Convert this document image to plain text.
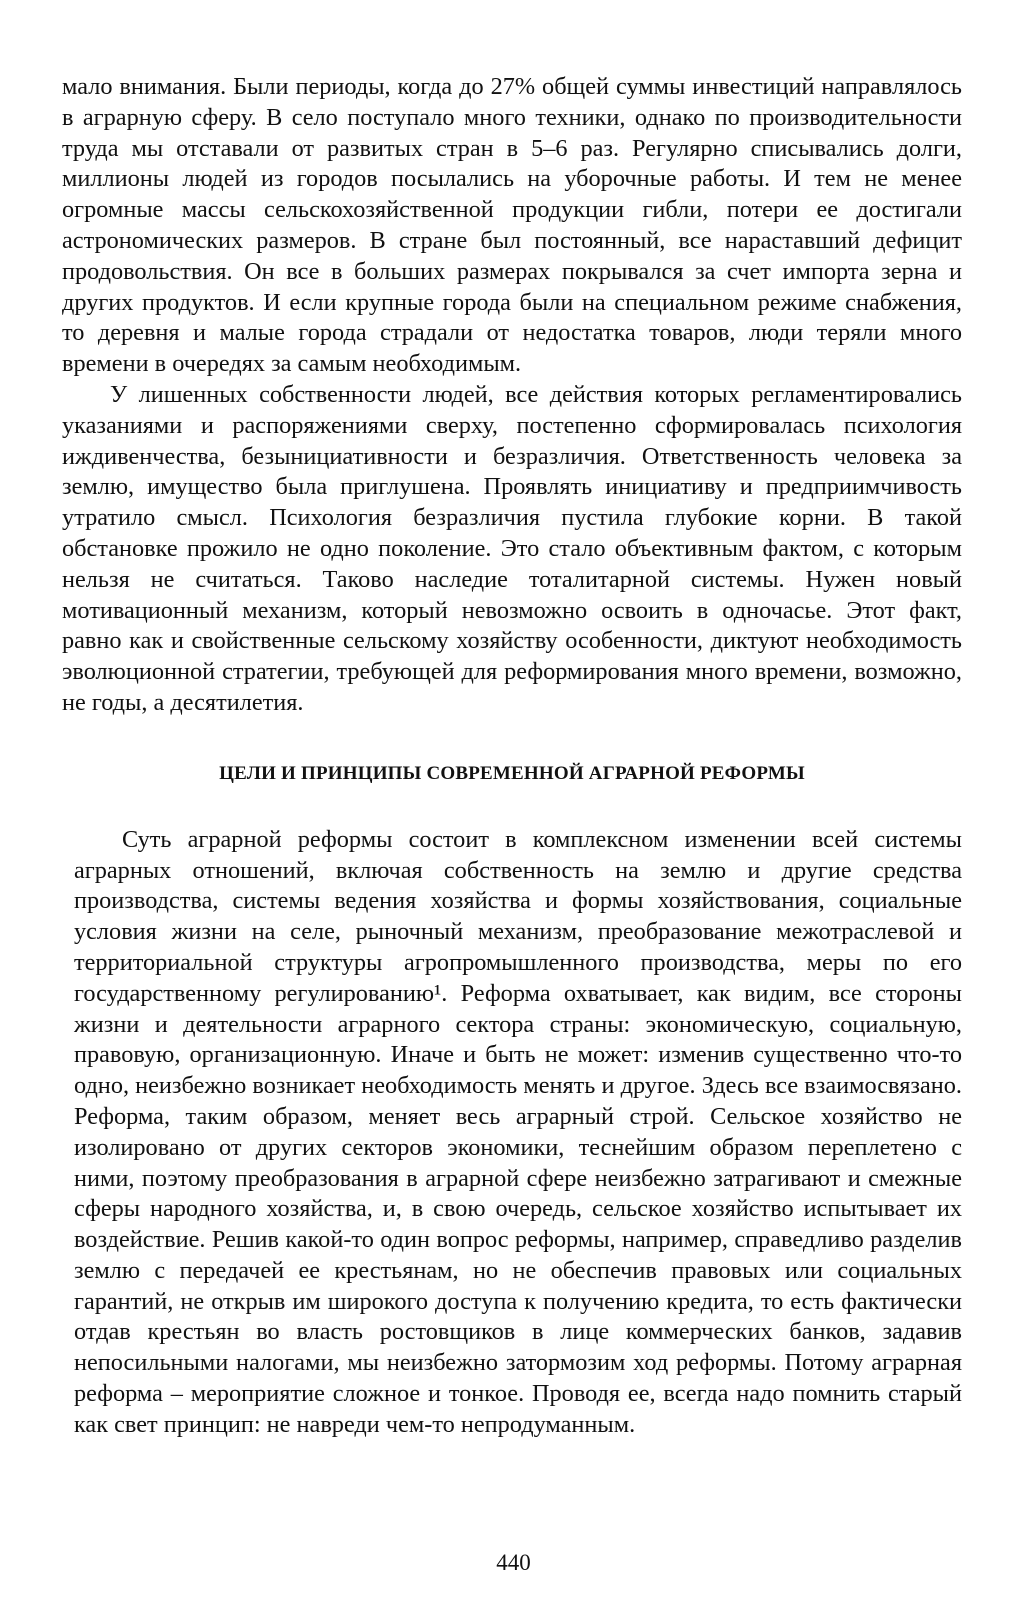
мало внимания. Были периоды, когда до 27% общей суммы инвестиций направлялось в аграрную сферу. В село поступало много техники, однако по производительности труда мы отставали от развитых стран в 5–6 раз. Регулярно списывались долги, миллионы людей из городов посылались на уборочные работы. И тем не менее огромные массы сельскохозяйственной продукции гибли, потери ее достигали астрономических размеров. В стране был постоянный, все нараставший дефицит продовольствия. Он все в больших размерах покрывался за счет импорта зерна и других продуктов. И если крупные города были на специальном режиме снабжения, то деревня и малые города страдали от недостатка товаров, люди теряли много времени в очередях за самым необходимым.

У лишенных собственности людей, все действия которых регламентировались указаниями и распоряжениями сверху, постепенно сформировалась психология иждивенчества, безынициативности и безразличия. Ответственность человека за землю, имущество была приглушена. Проявлять инициативу и предприимчивость утратило смысл. Психология безразличия пустила глубокие корни. В такой обстановке прожило не одно поколение. Это стало объективным фактом, с которым нельзя не считаться. Таково наследие тоталитарной системы. Нужен новый мотивационный механизм, который невозможно освоить в одночасье. Этот факт, равно как и свойственные сельскому хозяйству особенности, диктуют необходимость эволюционной стратегии, требующей для реформирования много времени, возможно, не годы, а десятилетия.

ЦЕЛИ И ПРИНЦИПЫ СОВРЕМЕННОЙ АГРАРНОЙ РЕФОРМЫ

Суть аграрной реформы состоит в комплексном изменении всей системы аграрных отношений, включая собственность на землю и другие средства производства, системы ведения хозяйства и формы хозяйствования, социальные условия жизни на селе, рыночный механизм, преобразование межотраслевой и территориальной структуры агропромышленного производства, меры по его государственному регулированию¹. Реформа охватывает, как видим, все стороны жизни и деятельности аграрного сектора страны: экономическую, социальную, правовую, организационную. Иначе и быть не может: изменив существенно что-то одно, неизбежно возникает необходимость менять и другое. Здесь все взаимосвязано. Реформа, таким образом, меняет весь аграрный строй. Сельское хозяйство не изолировано от других секторов экономики, теснейшим образом переплетено с ними, поэтому преобразования в аграрной сфере неизбежно затрагивают и смежные сферы народного хозяйства, и, в свою очередь, сельское хозяйство испытывает их воздействие. Решив какой-то один вопрос реформы, например, справедливо разделив землю с передачей ее крестьянам, но не обеспечив правовых или социальных гарантий, не открыв им широкого доступа к получению кредита, то есть фактически отдав крестьян во власть ростовщиков в лице коммерческих банков, задавив непосильными налогами, мы неизбежно затормозим ход реформы. Потому аграрная реформа – мероприятие сложное и тонкое. Проводя ее, всегда надо помнить старый как свет принцип: не навреди чем-то непродуманным.

440
